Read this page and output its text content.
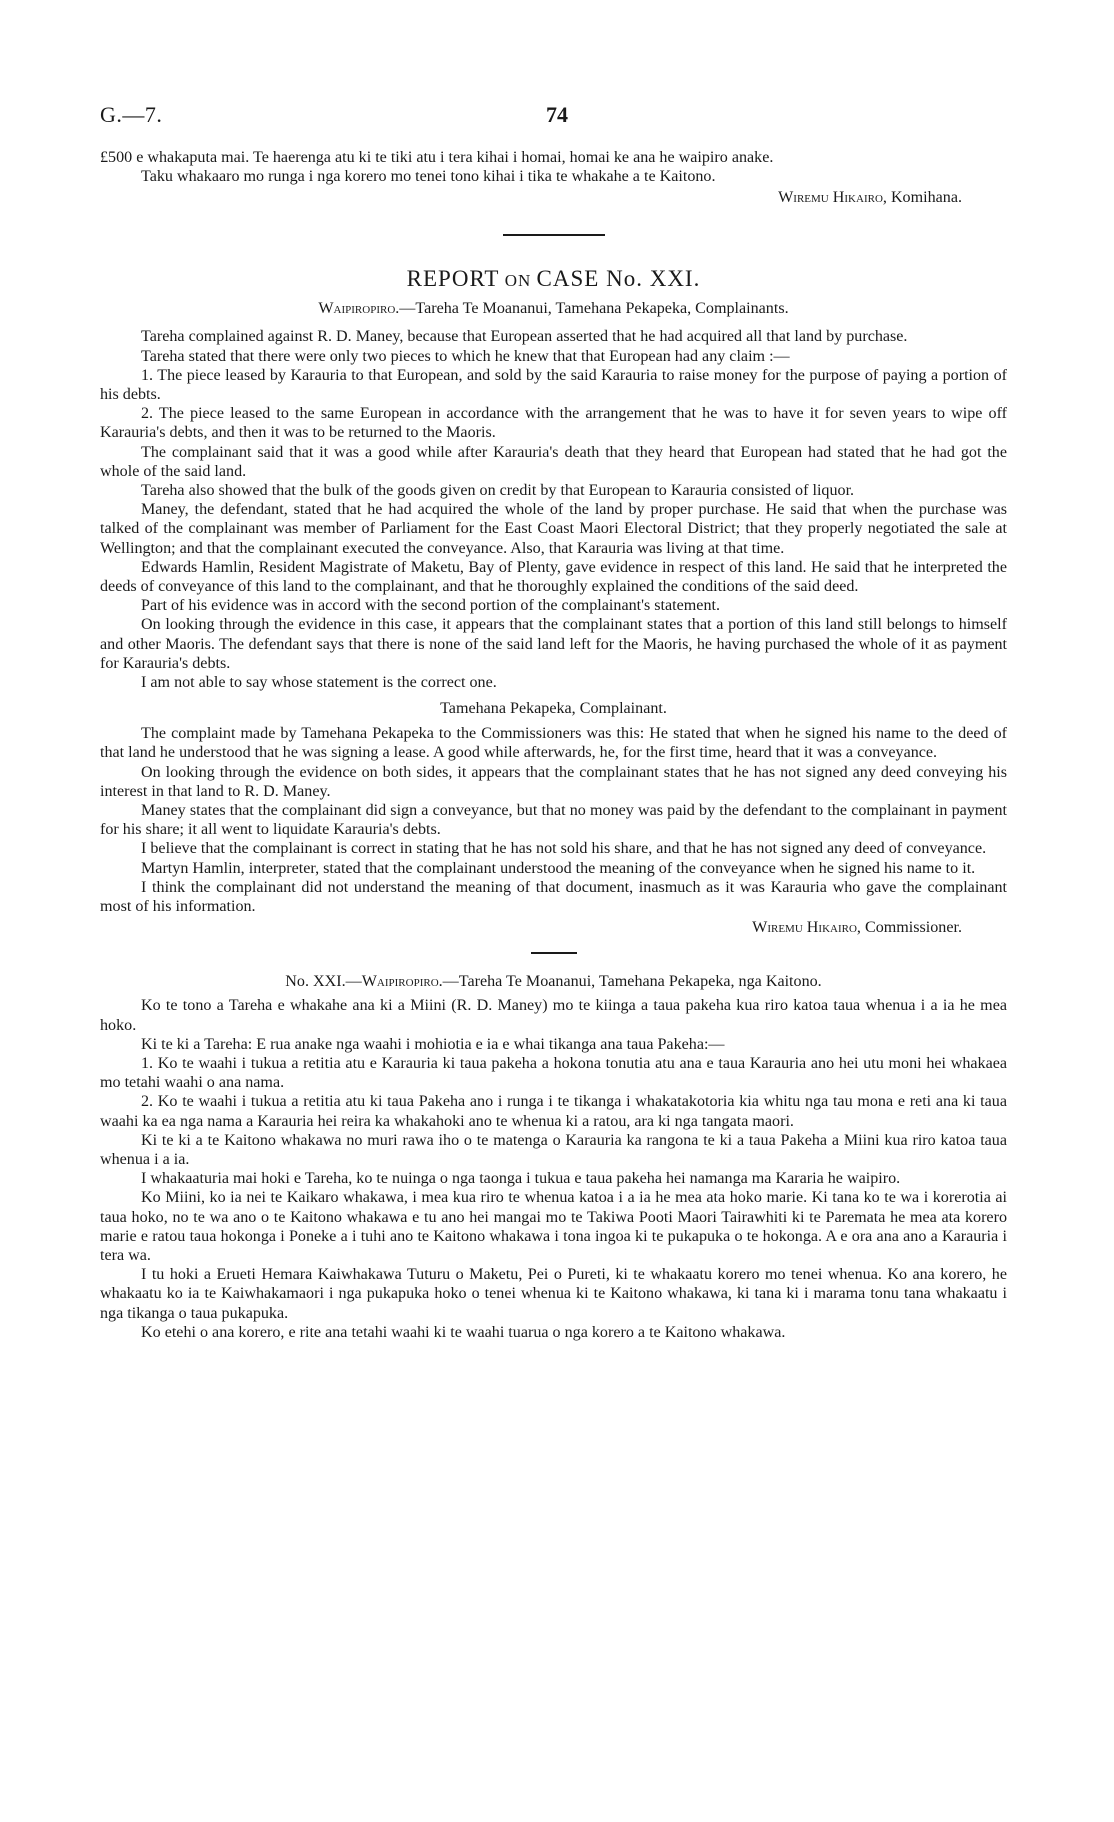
G.—7.	74

£500 e whakaputa mai. Te haerenga atu ki te tiki atu i tera kihai i homai, homai ke ana he waipiro anake.

Taku whakaaro mo runga i nga korero mo tenei tono kihai i tika te whakahe a te Kaitono.

Wiremu Hikairo, Komihana.
REPORT ON CASE No. XXI.
Waipiropiro.—Tareha Te Moananui, Tamehana Pekapeka, Complainants.

Tareha complained against R. D. Maney, because that European asserted that he had acquired all that land by purchase.

Tareha stated that there were only two pieces to which he knew that that European had any claim :—

1. The piece leased by Karauria to that European, and sold by the said Karauria to raise money for the purpose of paying a portion of his debts.

2. The piece leased to the same European in accordance with the arrangement that he was to have it for seven years to wipe off Karauria's debts, and then it was to be returned to the Maoris.

The complainant said that it was a good while after Karauria's death that they heard that European had stated that he had got the whole of the said land.

Tareha also showed that the bulk of the goods given on credit by that European to Karauria consisted of liquor.

Maney, the defendant, stated that he had acquired the whole of the land by proper purchase. He said that when the purchase was talked of the complainant was member of Parliament for the East Coast Maori Electoral District; that they properly negotiated the sale at Wellington; and that the complainant executed the conveyance. Also, that Karauria was living at that time.

Edwards Hamlin, Resident Magistrate of Maketu, Bay of Plenty, gave evidence in respect of this land. He said that he interpreted the deeds of conveyance of this land to the complainant, and that he thoroughly explained the conditions of the said deed.

Part of his evidence was in accord with the second portion of the complainant's statement.

On looking through the evidence in this case, it appears that the complainant states that a portion of this land still belongs to himself and other Maoris. The defendant says that there is none of the said land left for the Maoris, he having purchased the whole of it as payment for Karauria's debts.

I am not able to say whose statement is the correct one.

Tamehana Pekapeka, Complainant.

The complaint made by Tamehana Pekapeka to the Commissioners was this: He stated that when he signed his name to the deed of that land he understood that he was signing a lease. A good while afterwards, he, for the first time, heard that it was a conveyance.

On looking through the evidence on both sides, it appears that the complainant states that he has not signed any deed conveying his interest in that land to R. D. Maney.

Maney states that the complainant did sign a conveyance, but that no money was paid by the defendant to the complainant in payment for his share; it all went to liquidate Karauria's debts.

I believe that the complainant is correct in stating that he has not sold his share, and that he has not signed any deed of conveyance.

Martyn Hamlin, interpreter, stated that the complainant understood the meaning of the conveyance when he signed his name to it.

I think the complainant did not understand the meaning of that document, inasmuch as it was Karauria who gave the complainant most of his information.

Wiremu Hikairo, Commissioner.
No. XXI.—Waipiropiro.—Tareha Te Moananui, Tamehana Pekapeka, nga Kaitono.

Ko te tono a Tareha e whakahe ana ki a Miini (R. D. Maney) mo te kiinga a taua pakeha kua riro katoa taua whenua i a ia he mea hoko.

Ki te ki a Tareha: E rua anake nga waahi i mohiotia e ia e whai tikanga ana taua Pakeha:—

1. Ko te waahi i tukua a retitia atu e Karauria ki taua pakeha a hokona tonutia atu ana e taua Karauria ano hei utu moni hei whakaea mo tetahi waahi o ana nama.

2. Ko te waahi i tukua a retitia atu ki taua Pakeha ano i runga i te tikanga i whakatakotoria kia whitu nga tau mona e reti ana ki taua waahi ka ea nga nama a Karauria hei reira ka whakahoki ano te whenua ki a ratou, ara ki nga tangata maori.

Ki te ki a te Kaitono whakawa no muri rawa iho o te matenga o Karauria ka rangona te ki a taua Pakeha a Miini kua riro katoa taua whenua i a ia.

I whakaaturia mai hoki e Tareha, ko te nuinga o nga taonga i tukua e taua pakeha hei namanga ma Kararia he waipiro.

Ko Miini, ko ia nei te Kaikaro whakawa, i mea kua riro te whenua katoa i a ia he mea ata hoko marie. Ki tana ko te wa i korerotia ai taua hoko, no te wa ano o te Kaitono whakawa e tu ano hei mangai mo te Takiwa Pooti Maori Tairawhiti ki te Paremata he mea ata korero marie e ratou taua hokonga i Poneke a i tuhi ano te Kaitono whakawa i tona ingoa ki te pukapuka o te hokonga. A e ora ana ano a Karauria i tera wa.

I tu hoki a Erueti Hemara Kaiwhakawa Tuturu o Maketu, Pei o Pureti, ki te whakaatu korero mo tenei whenua. Ko ana korero, he whakaatu ko ia te Kaiwhakamaori i nga pukapuka hoko o tenei whenua ki te Kaitono whakawa, ki tana ki i marama tonu tana whakaatu i nga tikanga o taua pukapuka.

Ko etehi o ana korero, e rite ana tetahi waahi ki te waahi tuarua o nga korero a te Kaitono whakawa.
